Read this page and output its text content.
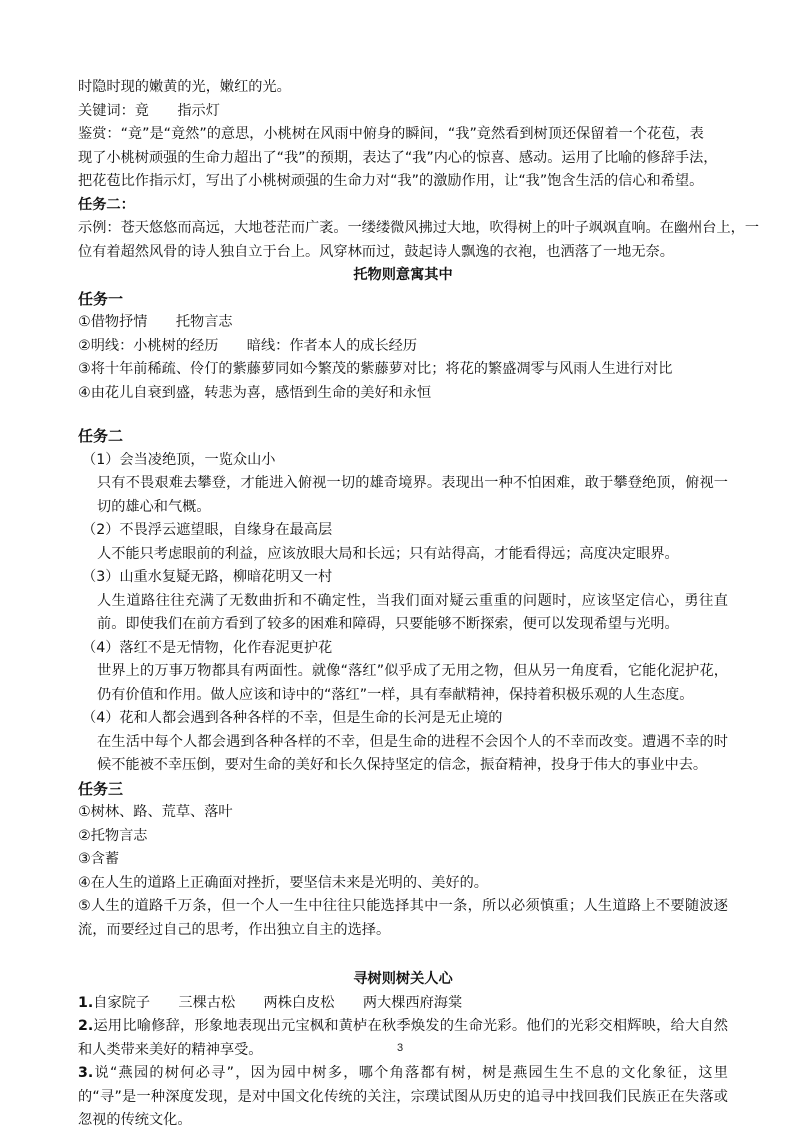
时隐时现的嫩黄的光，嫩红的光。

关键词：竟　　指示灯

鉴赏：“竟”是“竟然”的意思，小桃树在风雨中俯身的瞬间，“我”竟然看到树顶还保留着一个花苞，表

现了小桃树顽强的生命力超出了“我”的预期，表达了“我”内心的惊喜、感动。运用了比喻的修辞手法，

把花苞比作指示灯，写出了小桃树顽强的生命力对“我”的激励作用，让“我”饱含生活的信心和希望。

任务二：

示例：苍天悠悠而高远，大地苍茫而广袤。一缕缕微风拂过大地，吹得树上的叶子飒飒直响。在幽州台上，一

位有着超然风骨的诗人独自立于台上。风穿林而过，鼓起诗人飘逸的衣袍，也洒落了一地无奈。

托物则意寓其中

任务一

①借物抒情　　托物言志

②明线：小桃树的经历　　暗线：作者本人的成长经历

③将十年前稀疏、伶仃的紫藤萝同如今繁茂的紫藤萝对比；将花的繁盛凋零与风雨人生进行对比

④由花儿自衰到盛，转悲为喜，感悟到生命的美好和永恒

任务二

（1）会当凌绝顶，一览众山小

只有不畏艰难去攀登，才能进入俯视一切的雄奇境界。表现出一种不怕困难，敢于攀登绝顶，俯视一切的雄心和气概。

（2）不畏浮云遮望眼，自缘身在最高层

人不能只考虑眼前的利益，应该放眼大局和长远；只有站得高，才能看得远；高度决定眼界。

（3）山重水复疑无路，柳暗花明又一村

人生道路往往充满了无数曲折和不确定性，当我们面对疑云重重的问题时，应该坚定信心，勇往直前。即使我们在前方看到了较多的困难和障碍，只要能够不断探索，便可以发现希望与光明。

（4）落红不是无情物，化作春泥更护花

世界上的万事万物都具有两面性。就像“落红”似乎成了无用之物，但从另一角度看，它能化泥护花，仍有价值和作用。做人应该和诗中的“落红”一样，具有奉献精神，保持着积极乐观的人生态度。

（4）花和人都会遇到各种各样的不幸，但是生命的长河是无止境的

在生活中每个人都会遇到各种各样的不幸，但是生命的进程不会因个人的不幸而改变。遭遇不幸的时候不能被不幸压倒，要对生命的美好和长久保持坚定的信念，振奋精神，投身于伟大的事业中去。

任务三

①树林、路、荒草、落叶

②托物言志

③含蓄

④在人生的道路上正确面对挫折，要坚信未来是光明的、美好的。

⑤人生的道路千万条，但一个人一生中往往只能选择其中一条，所以必须慎重；人生道路上不要随波逐流，而要经过自己的思考，作出独立自主的选择。

寻树则树关人心

1.自家院子　　三棵古松　　两株白皮松　　两大棵西府海棠

2.运用比喻修辞，形象地表现出元宝枫和黄栌在秋季焕发的生命光彩。他们的光彩交相辉映，给大自然和人类带来美好的精神享受。

3.说“燕园的树何必寻”，因为园中树多，哪个角落都有树，树是燕园生生不息的文化象征，这里的“寻”是一种深度发现，是对中国文化传统的关注，宗璞试图从历史的追寻中找回我们民族正在失落或忽视的传统文化。

3
